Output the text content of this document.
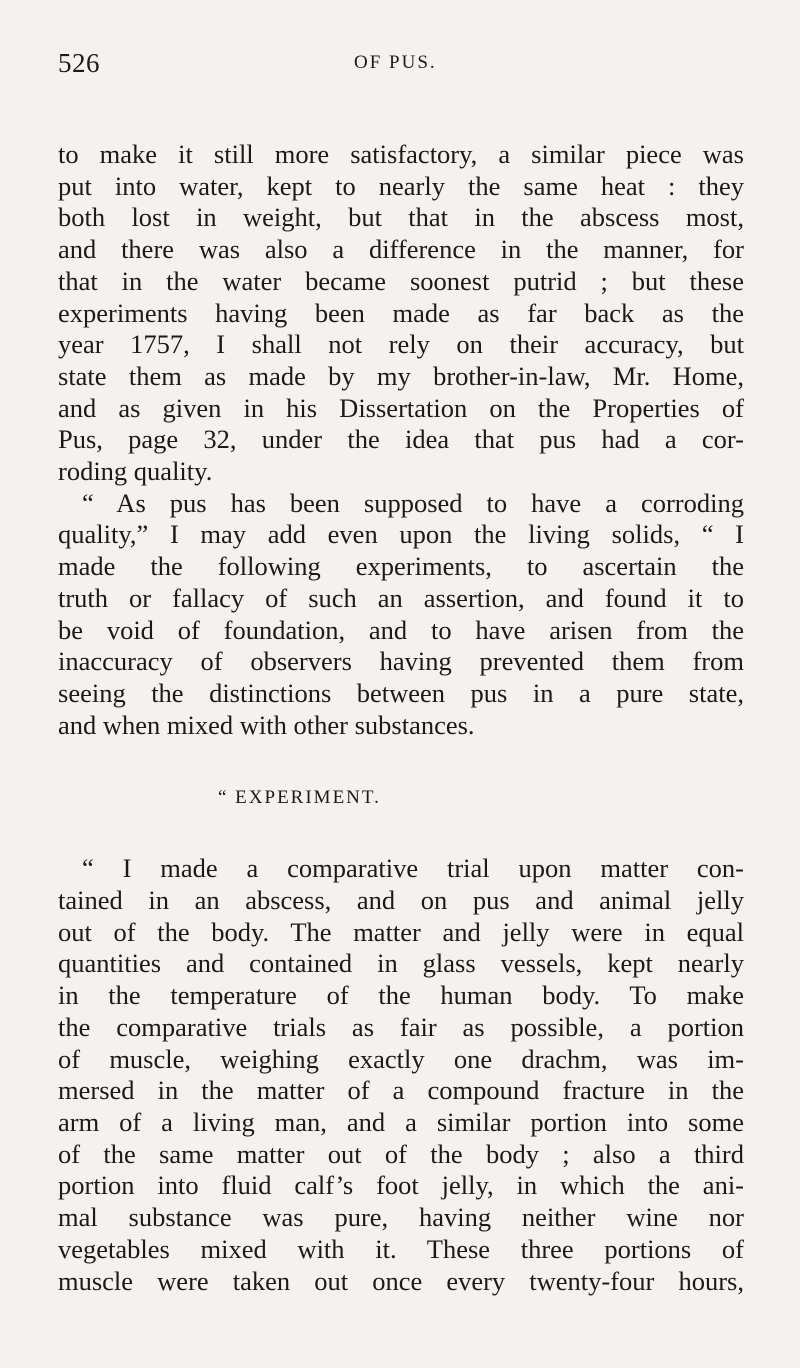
526	OF PUS.

to make it still more satisfactory, a similar piece was
put into water, kept to nearly the same heat : they
both lost in weight, but that in the abscess most,
and there was also a difference in the manner, for
that in the water became soonest putrid ; but these
experiments having been made as far back as the
year 1757, I shall not rely on their accuracy, but
state them as made by my brother-in-law, Mr. Home,
and as given in his Dissertation on the Properties of
Pus, page 32, under the idea that pus had a cor-
roding quality.

“ As pus has been supposed to have a corroding
quality,” I may add even upon the living solids, “ I
made the following experiments, to ascertain the
truth or fallacy of such an assertion, and found it to
be void of foundation, and to have arisen from the
inaccuracy of observers having prevented them from
seeing the distinctions between pus in a pure state,
and when mixed with other substances.

“ EXPERIMENT.

“ I made a comparative trial upon matter con-
tained in an abscess, and on pus and animal jelly
out of the body. The matter and jelly were in equal
quantities and contained in glass vessels, kept nearly
in the temperature of the human body. To make
the comparative trials as fair as possible, a portion
of muscle, weighing exactly one drachm, was im-
mersed in the matter of a compound fracture in the
arm of a living man, and a similar portion into some
of the same matter out of the body ; also a third
portion into fluid calf’s foot jelly, in which the ani-
mal substance was pure, having neither wine nor
vegetables mixed with it. These three portions of
muscle were taken out once every twenty-four hours,
